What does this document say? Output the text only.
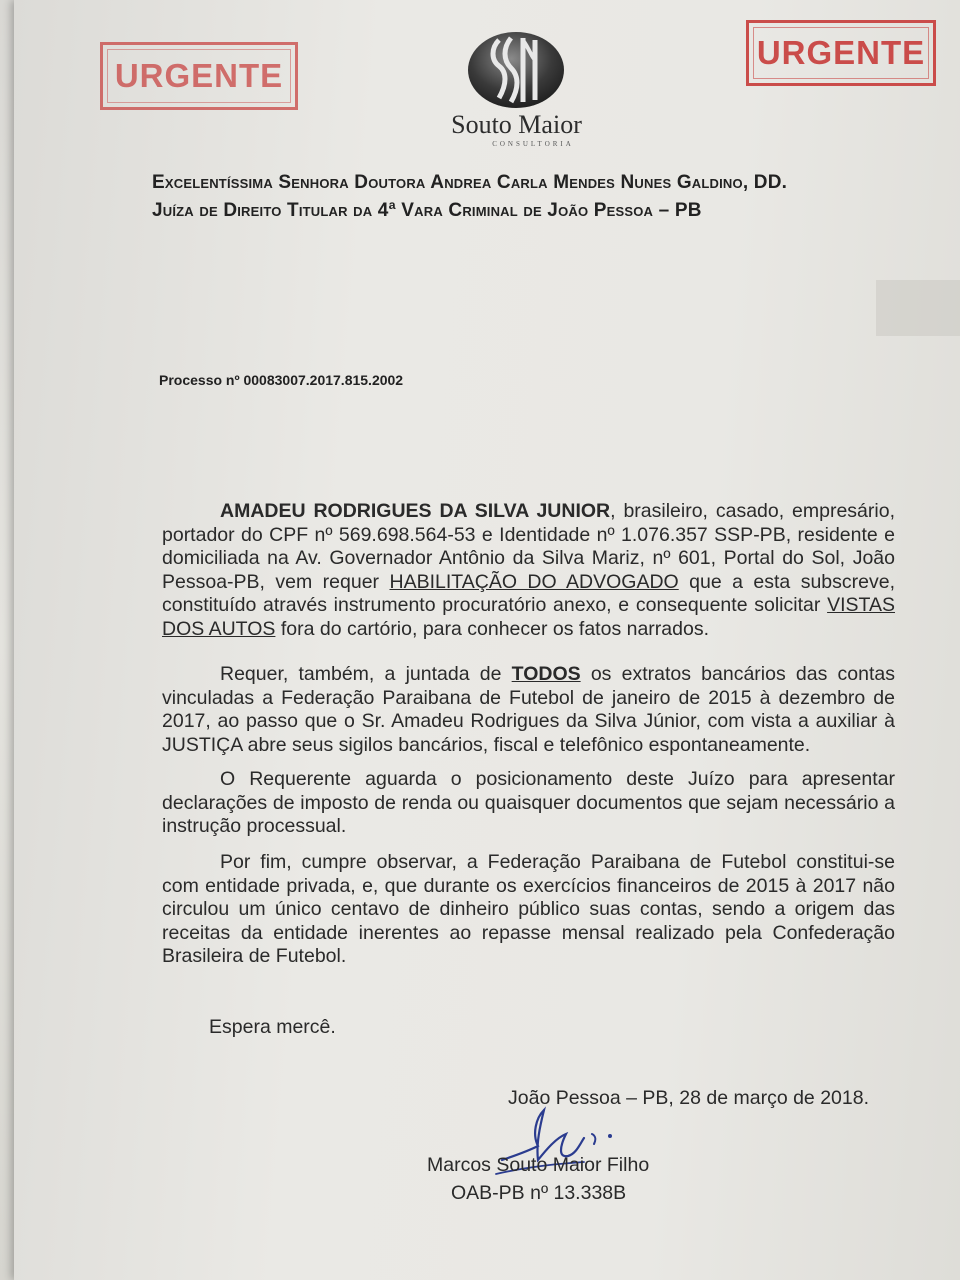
URGENTE
URGENTE
Souto Maior
CONSULTORIA
Excelentíssima Senhora Doutora Andrea Carla Mendes Nunes Galdino, DD.
Juíza de Direito Titular da 4ª Vara Criminal de João Pessoa – PB
Processo nº 00083007.2017.815.2002
AMADEU RODRIGUES DA SILVA JUNIOR, brasileiro, casado, empresário, portador do CPF nº 569.698.564-53 e Identidade nº 1.076.357 SSP-PB, residente e domiciliada na Av. Governador Antônio da Silva Mariz, nº 601, Portal do Sol, João Pessoa-PB, vem requer HABILITAÇÃO DO ADVOGADO que a esta subscreve, constituído através instrumento procuratório anexo, e consequente solicitar VISTAS DOS AUTOS fora do cartório, para conhecer os fatos narrados.
Requer, também, a juntada de TODOS os extratos bancários das contas vinculadas a Federação Paraibana de Futebol de janeiro de 2015 à dezembro de 2017, ao passo que o Sr. Amadeu Rodrigues da Silva Júnior, com vista a auxiliar à JUSTIÇA abre seus sigilos bancários, fiscal e telefônico espontaneamente.
O Requerente aguarda o posicionamento deste Juízo para apresentar declarações de imposto de renda ou quaisquer documentos que sejam necessário a instrução processual.
Por fim, cumpre observar, a Federação Paraibana de Futebol constitui-se com entidade privada, e, que durante os exercícios financeiros de 2015 à 2017 não circulou um único centavo de dinheiro público suas contas, sendo a origem das receitas da entidade inerentes ao repasse mensal realizado pela Confederação Brasileira de Futebol.
Espera mercê.
João Pessoa – PB, 28 de março de 2018.
Marcos Souto Maior Filho
OAB-PB nº 13.338B
